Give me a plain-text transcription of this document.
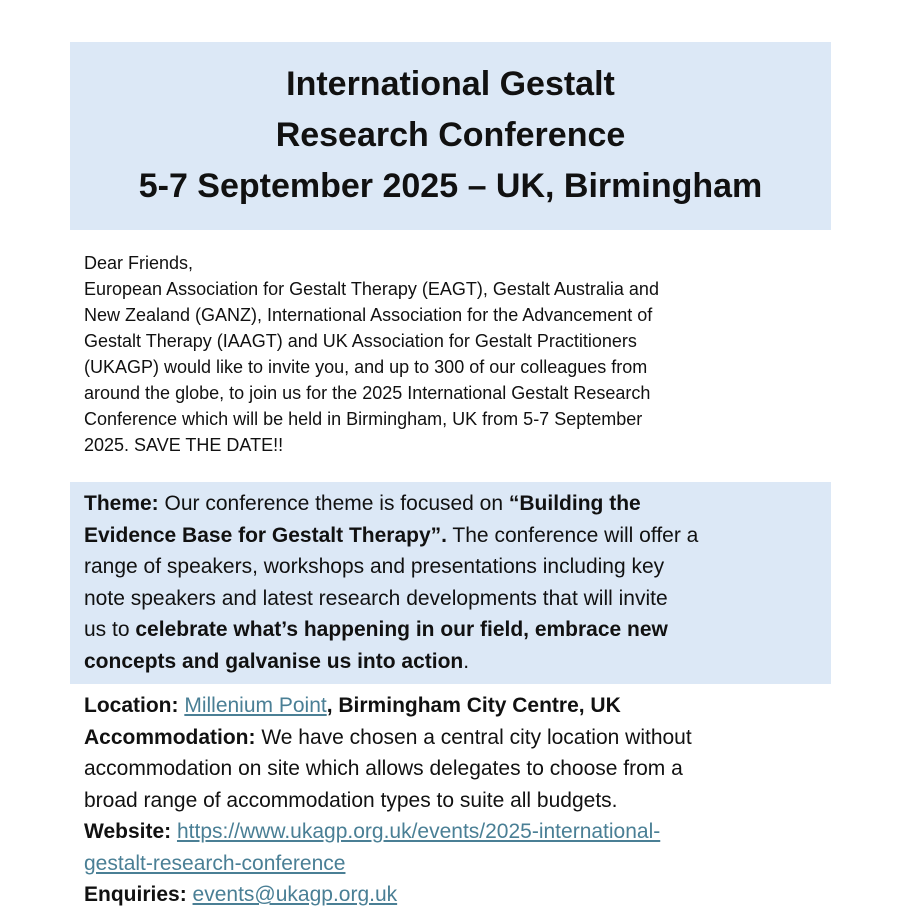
International Gestalt
Research Conference
5-7 September 2025 – UK, Birmingham
Dear Friends,
European Association for Gestalt Therapy (EAGT), Gestalt Australia and
New Zealand (GANZ), International Association for the Advancement of
Gestalt Therapy (IAAGT) and UK Association for Gestalt Practitioners
(UKAGP) would like to invite you, and up to 300 of our colleagues from
around the globe, to join us for the 2025 International Gestalt Research
Conference which will be held in Birmingham, UK from 5-7 September
2025. SAVE THE DATE!!
Theme: Our conference theme is focused on “Building the
Evidence Base for Gestalt Therapy”. The conference will offer a
range of speakers, workshops and presentations including key
note speakers and latest research developments that will invite
us to celebrate what’s happening in our field, embrace new
concepts and galvanise us into action.
Location: Millenium Point, Birmingham City Centre, UK
Accommodation: We have chosen a central city location without
accommodation on site which allows delegates to choose from a
broad range of accommodation types to suite all budgets.
Website: https://www.ukagp.org.uk/events/2025-international-
gestalt-research-conference
Enquiries: events@ukagp.org.uk
